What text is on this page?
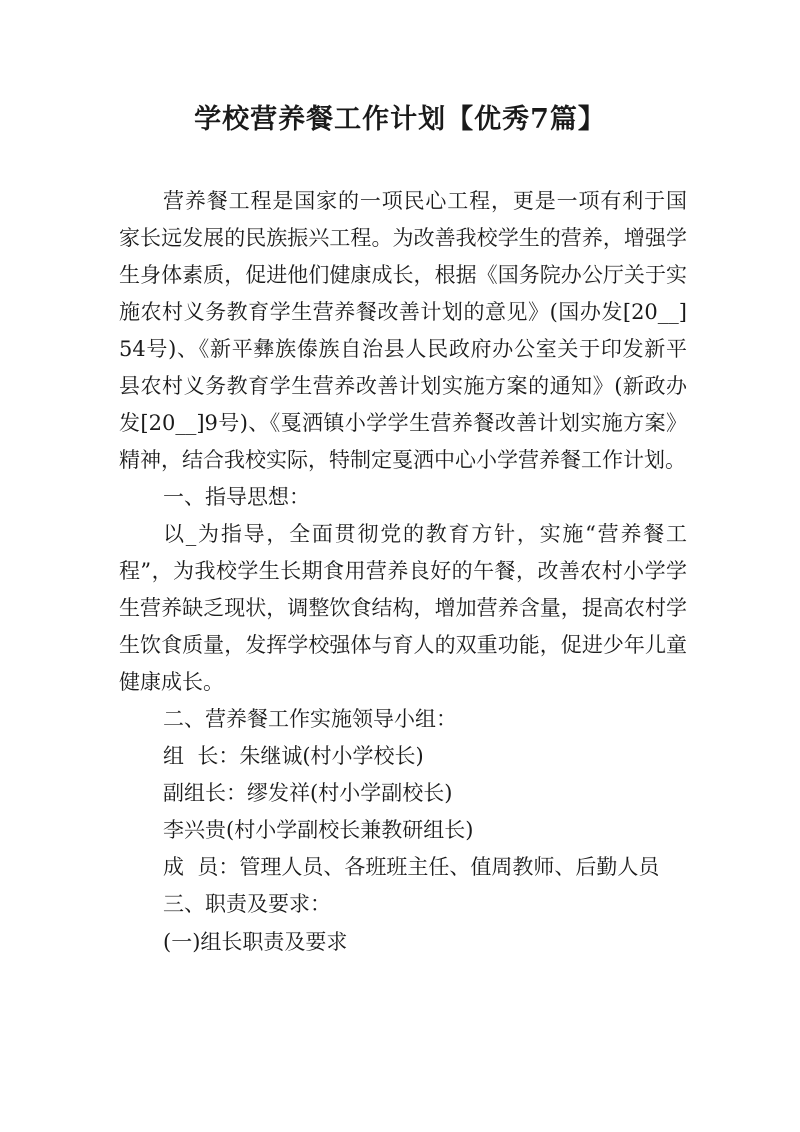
学校营养餐工作计划【优秀7篇】

营养餐工程是国家的一项民心工程，更是一项有利于国家长远发展的民族振兴工程。为改善我校学生的营养，增强学生身体素质，促进他们健康成长，根据《国务院办公厅关于实施农村义务教育学生营养餐改善计划的意见》(国办发[20__]54号)、《新平彝族傣族自治县人民政府办公室关于印发新平县农村义务教育学生营养改善计划实施方案的通知》(新政办发[20__]9号)、《戛洒镇小学学生营养餐改善计划实施方案》精神，结合我校实际，特制定戛洒中心小学营养餐工作计划。

一、指导思想：

以_为指导，全面贯彻党的教育方针，实施“营养餐工程”，为我校学生长期食用营养良好的午餐，改善农村小学学生营养缺乏现状，调整饮食结构，增加营养含量，提高农村学生饮食质量，发挥学校强体与育人的双重功能，促进少年儿童健康成长。

二、营养餐工作实施领导小组：

组  长：朱继诚(村小学校长)

副组长：缪发祥(村小学副校长)

李兴贵(村小学副校长兼教研组长)

成  员：管理人员、各班班主任、值周教师、后勤人员

三、职责及要求：

(一)组长职责及要求
